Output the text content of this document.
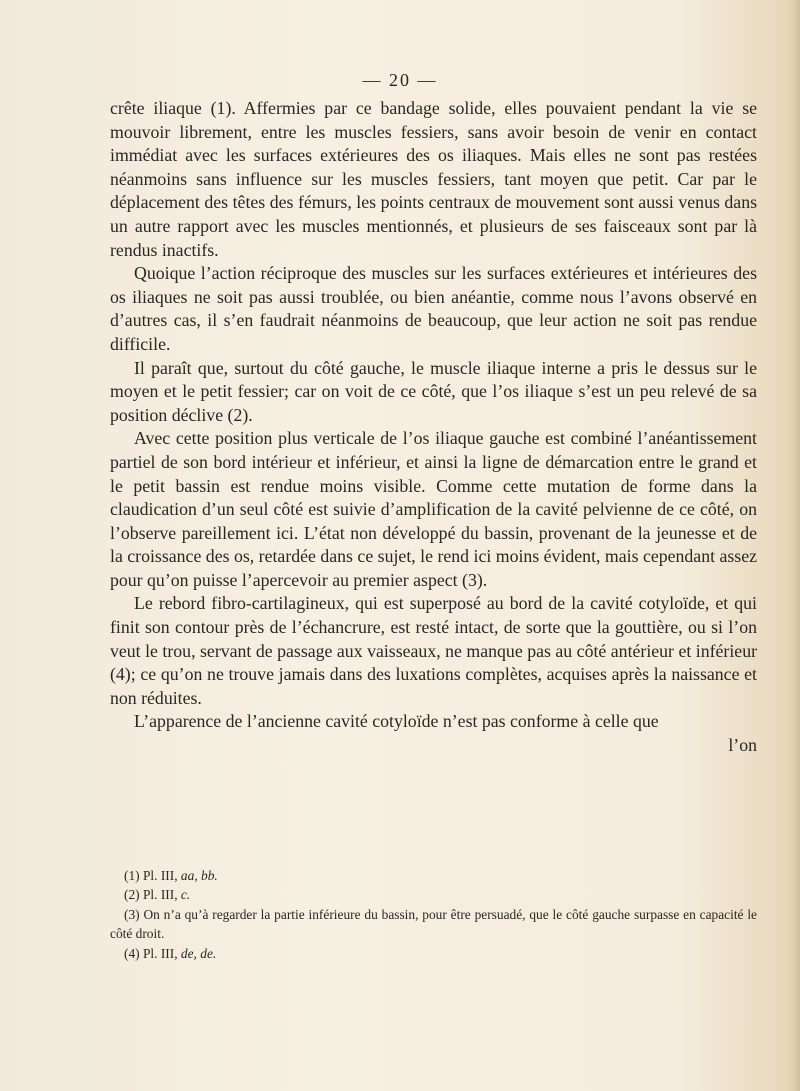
— 20 —

crête iliaque (1). Affermies par ce bandage solide, elles pouvaient pendant la vie se mouvoir librement, entre les muscles fessiers, sans avoir besoin de venir en contact immédiat avec les surfaces extérieures des os iliaques. Mais elles ne sont pas restées néanmoins sans influence sur les muscles fessiers, tant moyen que petit. Car par le déplacement des têtes des fémurs, les points centraux de mouvement sont aussi venus dans un autre rapport avec les muscles mentionnés, et plusieurs de ses faisceaux sont par là rendus inactifs.

Quoique l’action réciproque des muscles sur les surfaces extérieures et intérieures des os iliaques ne soit pas aussi troublée, ou bien anéantie, comme nous l’avons observé en d’autres cas, il s’en faudrait néanmoins de beaucoup, que leur action ne soit pas rendue difficile.

Il paraît que, surtout du côté gauche, le muscle iliaque interne a pris le dessus sur le moyen et le petit fessier; car on voit de ce côté, que l’os iliaque s’est un peu relevé de sa position déclive (2).

Avec cette position plus verticale de l’os iliaque gauche est combiné l’anéantissement partiel de son bord intérieur et inférieur, et ainsi la ligne de démarcation entre le grand et le petit bassin est rendue moins visible. Comme cette mutation de forme dans la claudication d’un seul côté est suivie d’amplification de la cavité pelvienne de ce côté, on l’observe pareillement ici. L’état non développé du bassin, provenant de la jeunesse et de la croissance des os, retardée dans ce sujet, le rend ici moins évident, mais cependant assez pour qu’on puisse l’apercevoir au premier aspect (3).

Le rebord fibro-cartilagineux, qui est superposé au bord de la cavité cotyloïde, et qui finit son contour près de l’échancrure, est resté intact, de sorte que la gouttière, ou si l’on veut le trou, servant de passage aux vaisseaux, ne manque pas au côté antérieur et inférieur (4); ce qu’on ne trouve jamais dans des luxations complètes, acquises après la naissance et non réduites.

L’apparence de l’ancienne cavité cotyloïde n’est pas conforme à celle que

l’on

(1) Pl. III, aa, bb.

(2) Pl. III, c.

(3) On n’a qu’à regarder la partie inférieure du bassin, pour être persuadé, que le côté gauche surpasse en capacité le côté droit.

(4) Pl. III, de, de.
